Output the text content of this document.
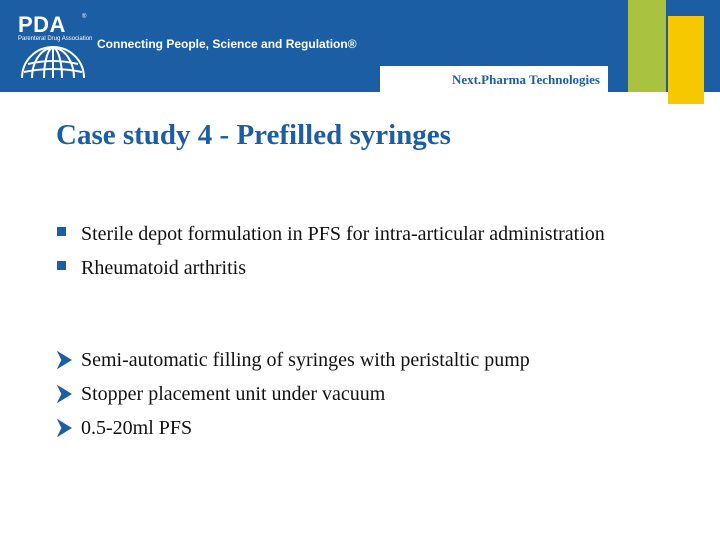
PDA	®
Parenteral Drug Association Connecting People, Science and Regulation®
Next.Pharma Technologies
Case study 4 - Prefilled syringes
Sterile depot formulation in PFS for intra-articular administration
Rheumatoid arthritis
Semi-automatic filling of syringes with peristaltic pump
Stopper placement unit under vacuum
0.5-20ml PFS
